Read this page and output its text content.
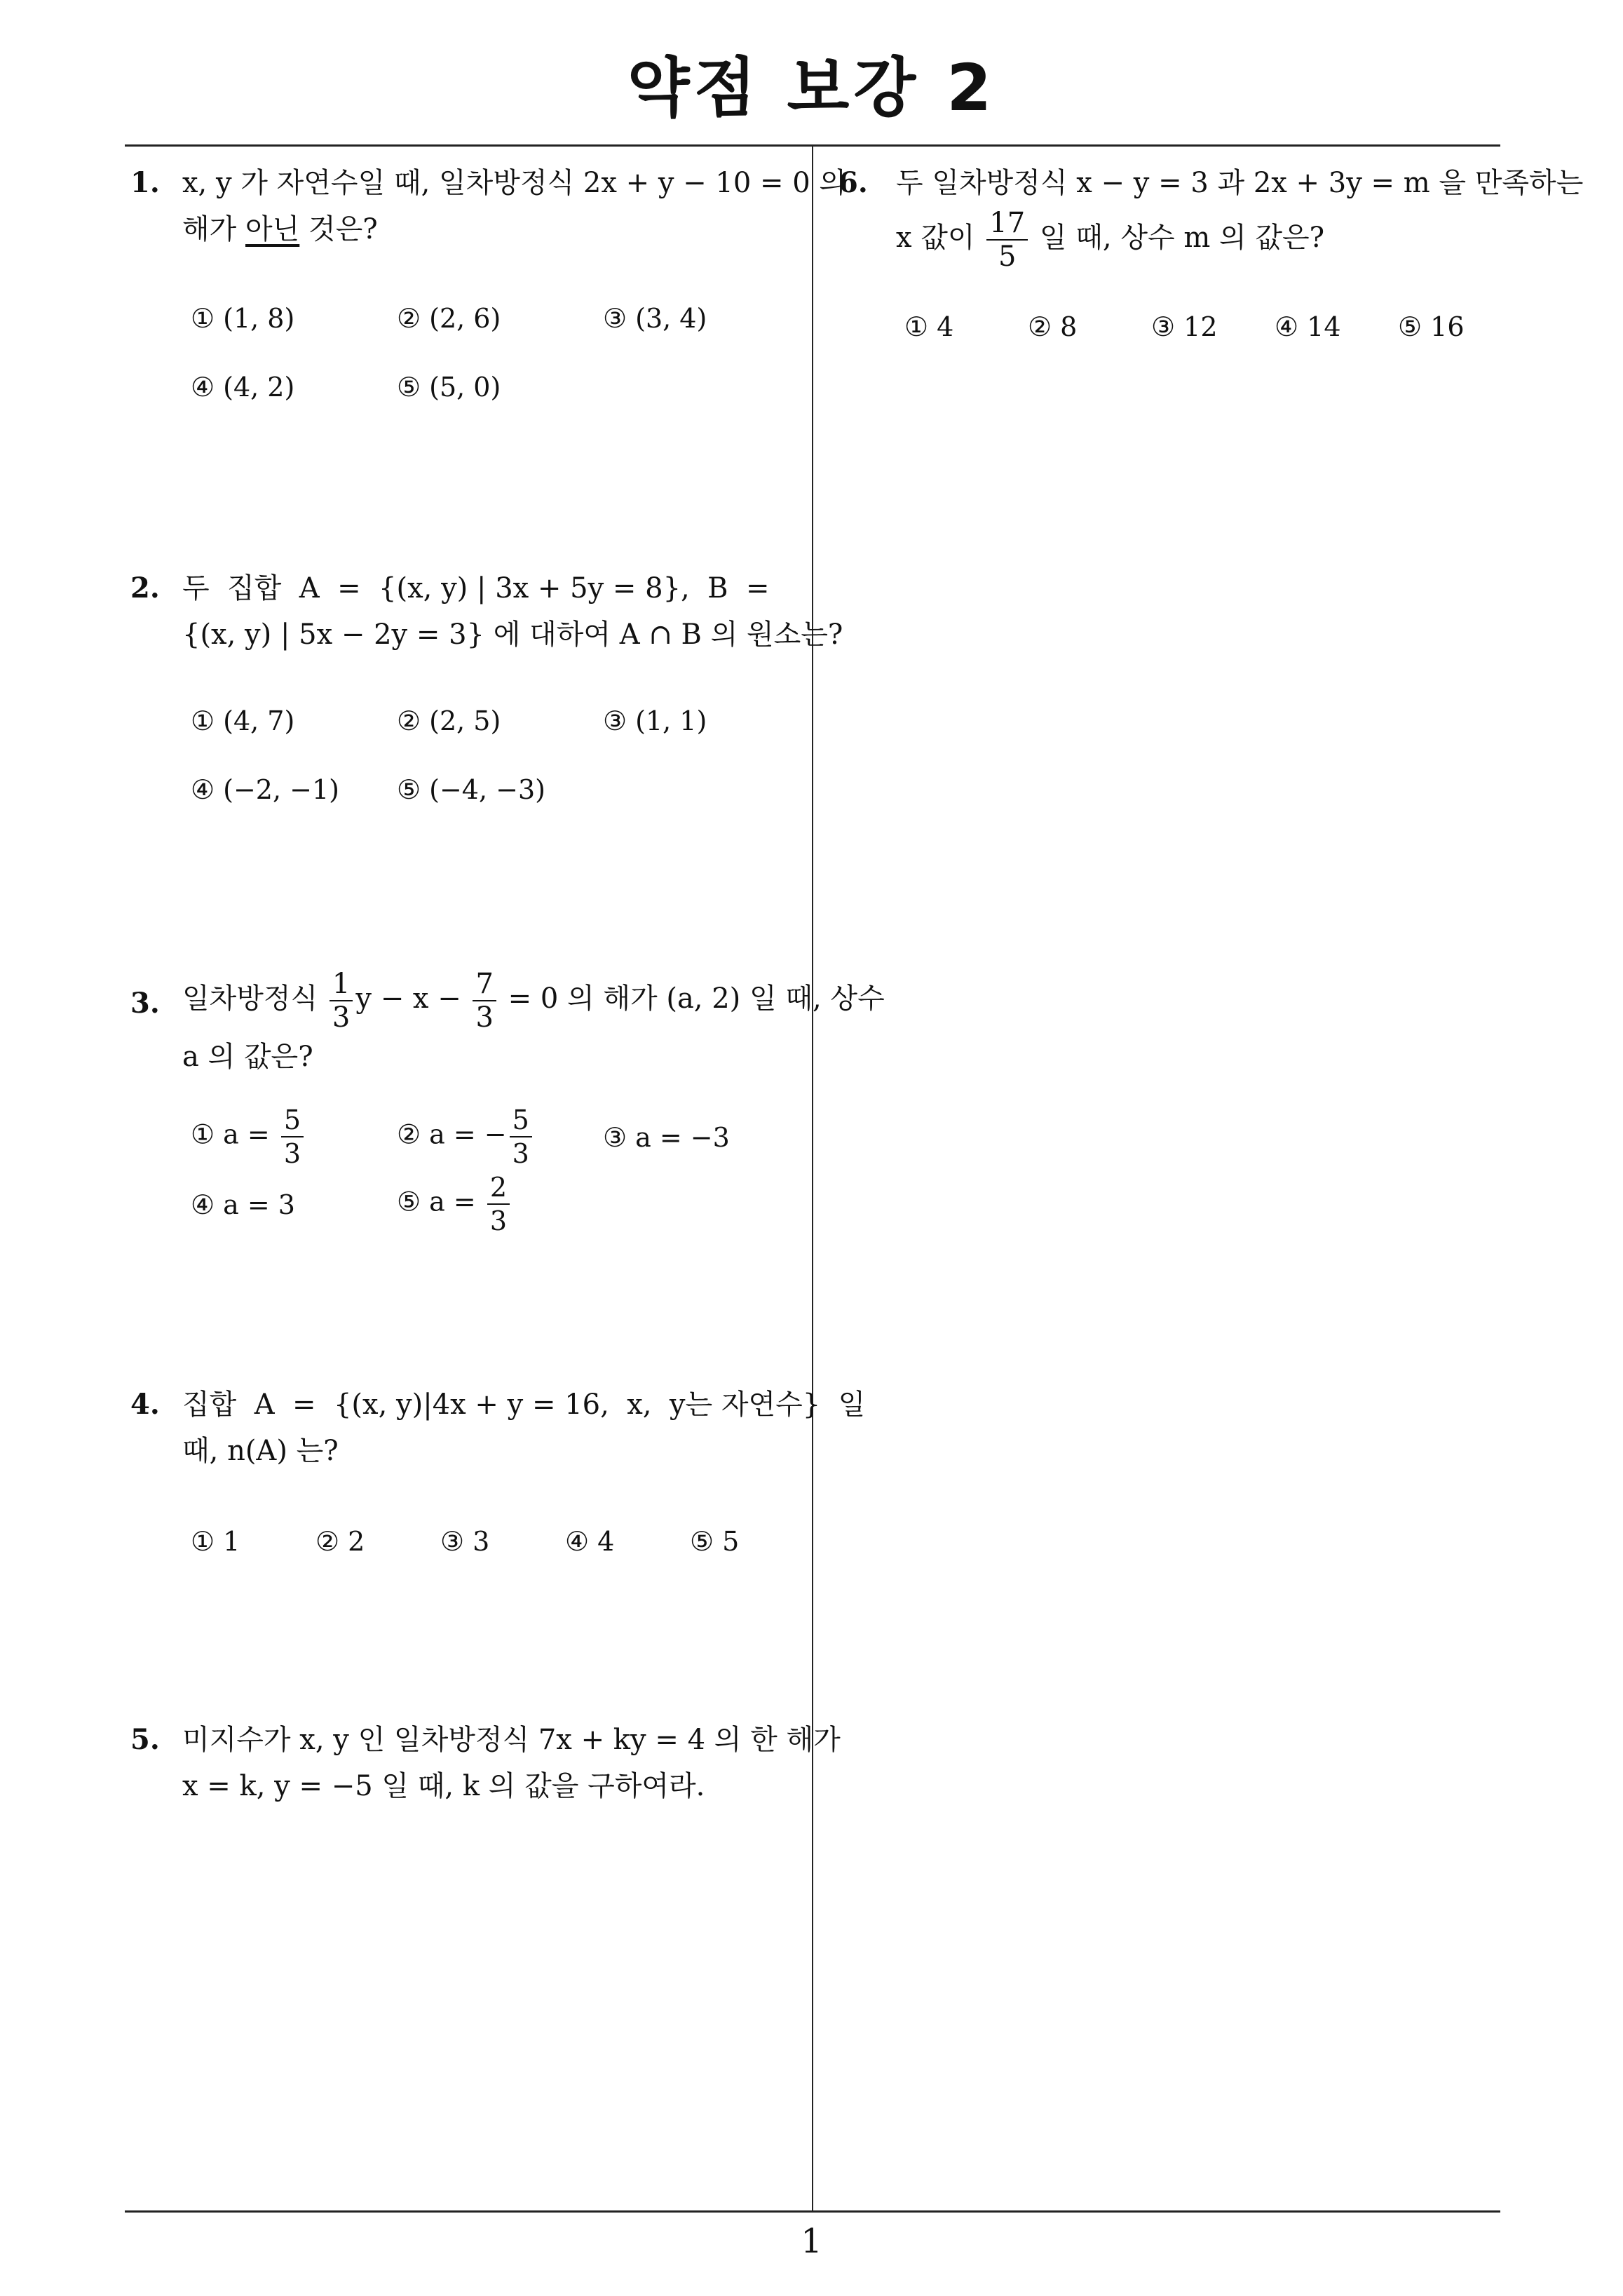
약점 보강 2
1
1. x, y 가 자연수일 때, 일차방정식 2x + y − 10 = 0 의
해가 아닌 것은?
① (1, 8)	② (2, 6)	③ (3, 4)
④ (4, 2)	⑤ (5, 0)
2. 두  집합  A  =  {(x, y) | 3x + 5y = 8},  B  =
{(x, y) | 5x − 2y = 3} 에 대하여 A ∩ B 의 원소는?
① (4, 7)	② (2, 5)	③ (1, 1)
④ (−2, −1) ⑤ (−4, −3)
3. 일차방정식 $\frac{1}{3}$ $y - x - \frac{7}{3} = 0$ 의 해가 (a, 2) 일 때, 상수
a 의 값은?
① $a = \frac{5}{3}$	② a = − $\frac{5}{3}$	③ a = −3
④ a = 3	⑤ $a = \frac{2}{3}$
4. 집합  A  =  {(x, y)|4x + y = 16,  x,  y는 자연수}  일
때, n(A) 는?
① 1	② 2	③ 3	④ 4	⑤ 5
5. 미지수가 x, y 인 일차방정식 7x + ky = 4 의 한 해가
x = k, y = −5 일 때, k 의 값을 구하여라.
6. 두 일차방정식 x − y = 3 과 2x + 3y = m 을 만족하는
x 값이 $\frac{17}{5}$ 일 때, 상수 m 의 값은?
① 4	② 8	③ 12 ④ 14 ⑤ 16
